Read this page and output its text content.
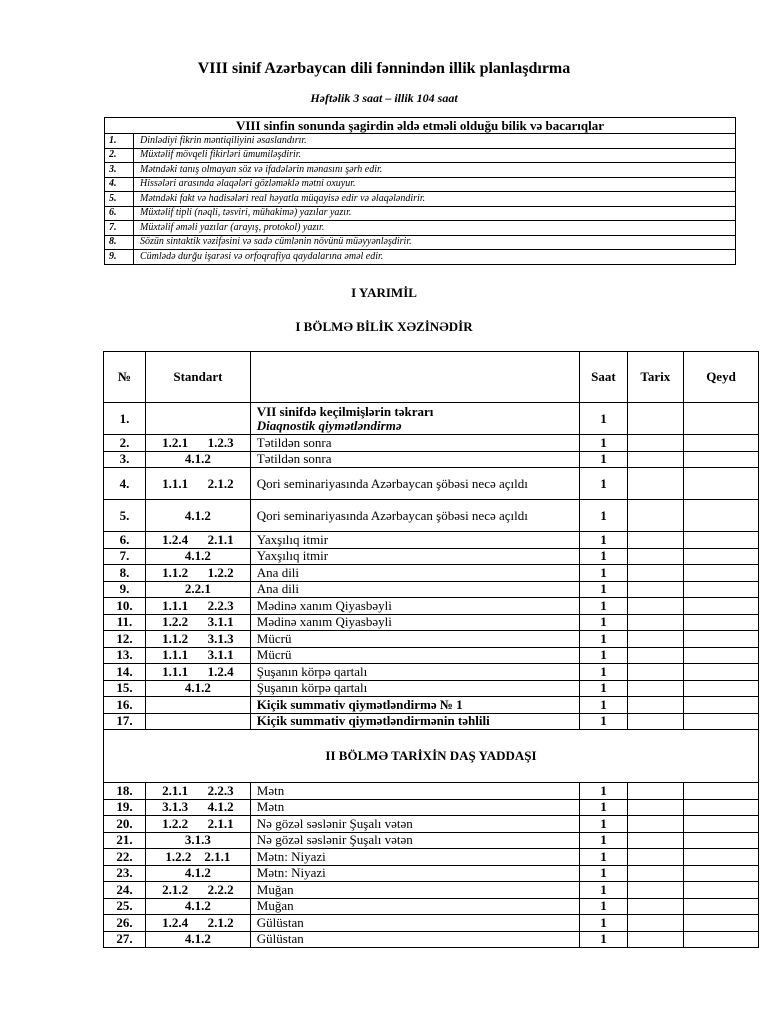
VIII sinif Azərbaycan dili fənnindən illik planlaşdırma
Həftəlik 3 saat – illik 104 saat
VIII sinfin sonunda şagirdin əldə etməli olduğu bilik və bacarıqlar	
1.	Dinlədiyi fikrin məntiqiliyini əsaslandırır.
2.	Müxtəlif mövqeli fikirləri ümumiləşdirir.
3.	Mətndəki tanış olmayan söz və ifadələrin mənasını şərh edir.
4.	Hissələri arasında əlaqələri gözləməklə mətni oxuyur.
5.	Mətndəki fakt və hadisələri real həyatla müqayisə edir və əlaqələndirir.
6.	Müxtəlif tipli (nəqli, təsviri, mühakimə) yazılar yazır.
7.	Müxtəlif əməli yazılar (arayış, protokol) yazır.
8.	Sözün sintaktik vəzifəsini və sadə cümlənin növünü müəyyənləşdirir.
9.	Cümlədə durğu işarəsi və orfoqrafiya qaydalarına əməl edir.
I YARIMİL
I BÖLMƏ BİLİK XƏZİNƏDİR
№	Standart		Saat	Tarix	Qeyd
1.		VII sinifdə keçilmişlərin təkrarı
Diaqnostik qiymətləndirmə	1		
2.	1.2.1      1.2.3	Tətildən sonra	1		
3.	4.1.2	Tətildən sonra	1		
4.	1.1.1      2.1.2	Qori seminariyasında Azərbaycan şöbəsi necə açıldı	1		
5.	4.1.2	Qori seminariyasında Azərbaycan şöbəsi necə açıldı	1		
6.	1.2.4      2.1.1	Yaxşılıq itmir	1		
7.	4.1.2	Yaxşılıq itmir	1		
8.	1.1.2      1.2.2	Ana dili	1		
9.	2.2.1	Ana dili	1		
10.	1.1.1      2.2.3	Mədinə xanım Qiyasbəyli	1		
11.	1.2.2      3.1.1	Mədinə xanım Qiyasbəyli	1		
12.	1.1.2      3.1.3	Mücrü	1		
13.	1.1.1      3.1.1	Mücrü	1		
14.	1.1.1      1.2.4	Şuşanın körpə qartalı	1		
15.	4.1.2	Şuşanın körpə qartalı	1		
16.		Kiçik summativ qiymətləndirmə № 1	1		
17.		Kiçik summativ qiymətləndirmənin təhlili	1		
II BÖLMƏ TARİXİN DAŞ YADDAŞI					
18.	2.1.1      2.2.3	Mətn	1		
19.	3.1.3      4.1.2	Mətn	1		
20.	1.2.2      2.1.1	Nə gözəl səslənir Şuşalı vətən	1		
21.	3.1.3	Nə gözəl səslənir Şuşalı vətən	1		
22.	1.2.2    2.1.1	Mətn: Niyazi	1		
23.	4.1.2	Mətn: Niyazi	1		
24.	2.1.2      2.2.2	Muğan	1		
25.	4.1.2	Muğan	1		
26.	1.2.4      2.1.2	Gülüstan	1		
27.	4.1.2	Gülüstan	1		
